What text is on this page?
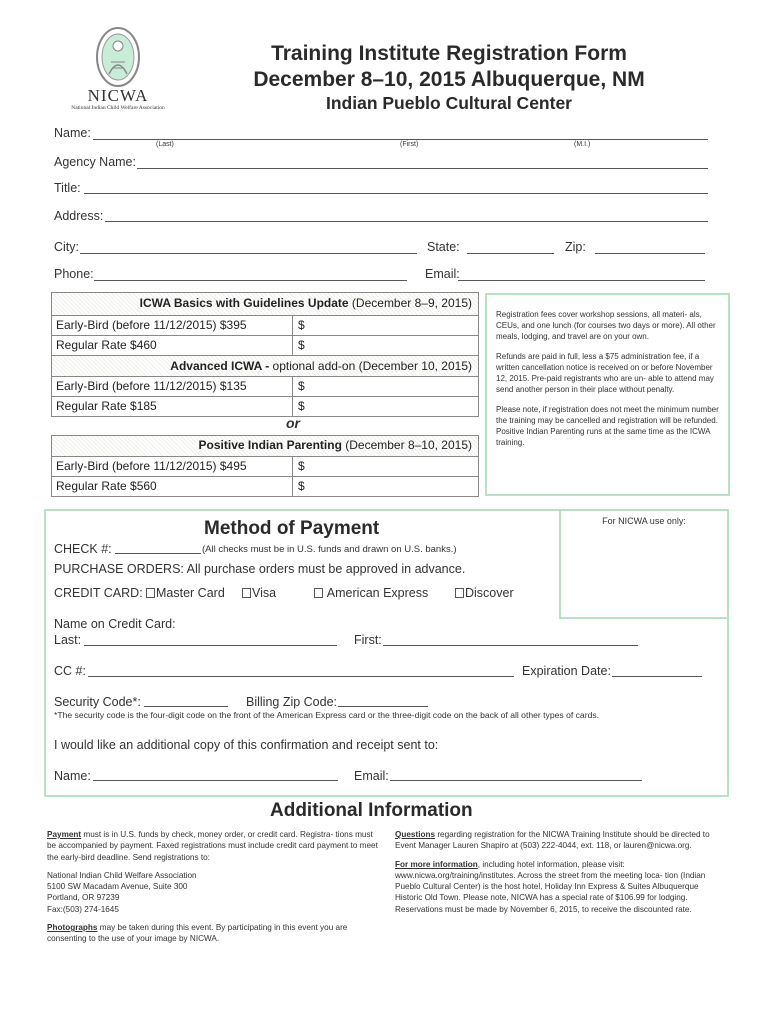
NICWA
National Indian Child Welfare Association
Training Institute Registration Form
December 8–10, 2015 Albuquerque, NM
Indian Pueblo Cultural Center
Name:
(Last)	(First)	(M.I.)
Agency Name:
Title:
Address:
City:	State:	Zip:
Phone:	Email:
ICWA Basics with Guidelines Update (December 8–9, 2015)
Early-Bird (before 11/12/2015) $395	$
Regular Rate $460	$
Advanced ICWA - optional add-on (December 10, 2015)
Early-Bird (before 11/12/2015) $135	$
Regular Rate $185	$
or
Positive Indian Parenting (December 8–10, 2015)
Early-Bird (before 11/12/2015) $495	$
Regular Rate $560	$

Registration fees cover workshop sessions, all materi- als, CEUs, and one lunch (for courses two days or more). All other meals, lodging, and travel are on your own.

Refunds are paid in full, less a $75 administration fee, if a written cancellation notice is received on or before November 12, 2015. Pre-paid registrants who are un- able to attend may send another person in their place without penalty.

Please note, if registration does not meet the minimum number the training may be cancelled and registration will be refunded. Positive Indian Parenting runs at the same time as the ICWA training.

For NICWA use only:
Method of Payment
CHECK #:	(All checks must be in U.S. funds and drawn on U.S. banks.)
PURCHASE ORDERS: All purchase orders must be approved in advance.
CREDIT CARD:	Master Card	Visa	American Express	Discover
Name on Credit Card:
Last:	First:
CC #:	Expiration Date:
Security Code*:	Billing Zip Code:
*The security code is the four-digit code on the front of the American Express card or the three-digit code on the back of all other types of cards.
I would like an additional copy of this confirmation and receipt sent to:
Name:	Email:
Additional Information

Payment must is in U.S. funds by check, money order, or credit card. Registra- tions must be accompanied by payment. Faxed registrations must include credit card payment to meet the early-bird deadline. Send registrations to:

National Indian Child Welfare Association
5100 SW Macadam Avenue, Suite 300
Portland, OR 97239
Fax:(503) 274-1645

Photographs may be taken during this event. By participating in this event you are consenting to the use of your image by NICWA.

Questions regarding registration for the NICWA Training Institute should be directed to Event Manager Lauren Shapiro at (503) 222-4044, ext. 118, or lauren@nicwa.org.

For more information, including hotel information, please visit: www.nicwa.org/training/institutes. Across the street from the meeting loca- tion (Indian Pueblo Cultural Center) is the host hotel, Holiday Inn Express & Suites Albuquerque Historic Old Town. Please note, NICWA has a special rate of $106.99 for lodging. Reservations must be made by November 6, 2015, to receive the discounted rate.
